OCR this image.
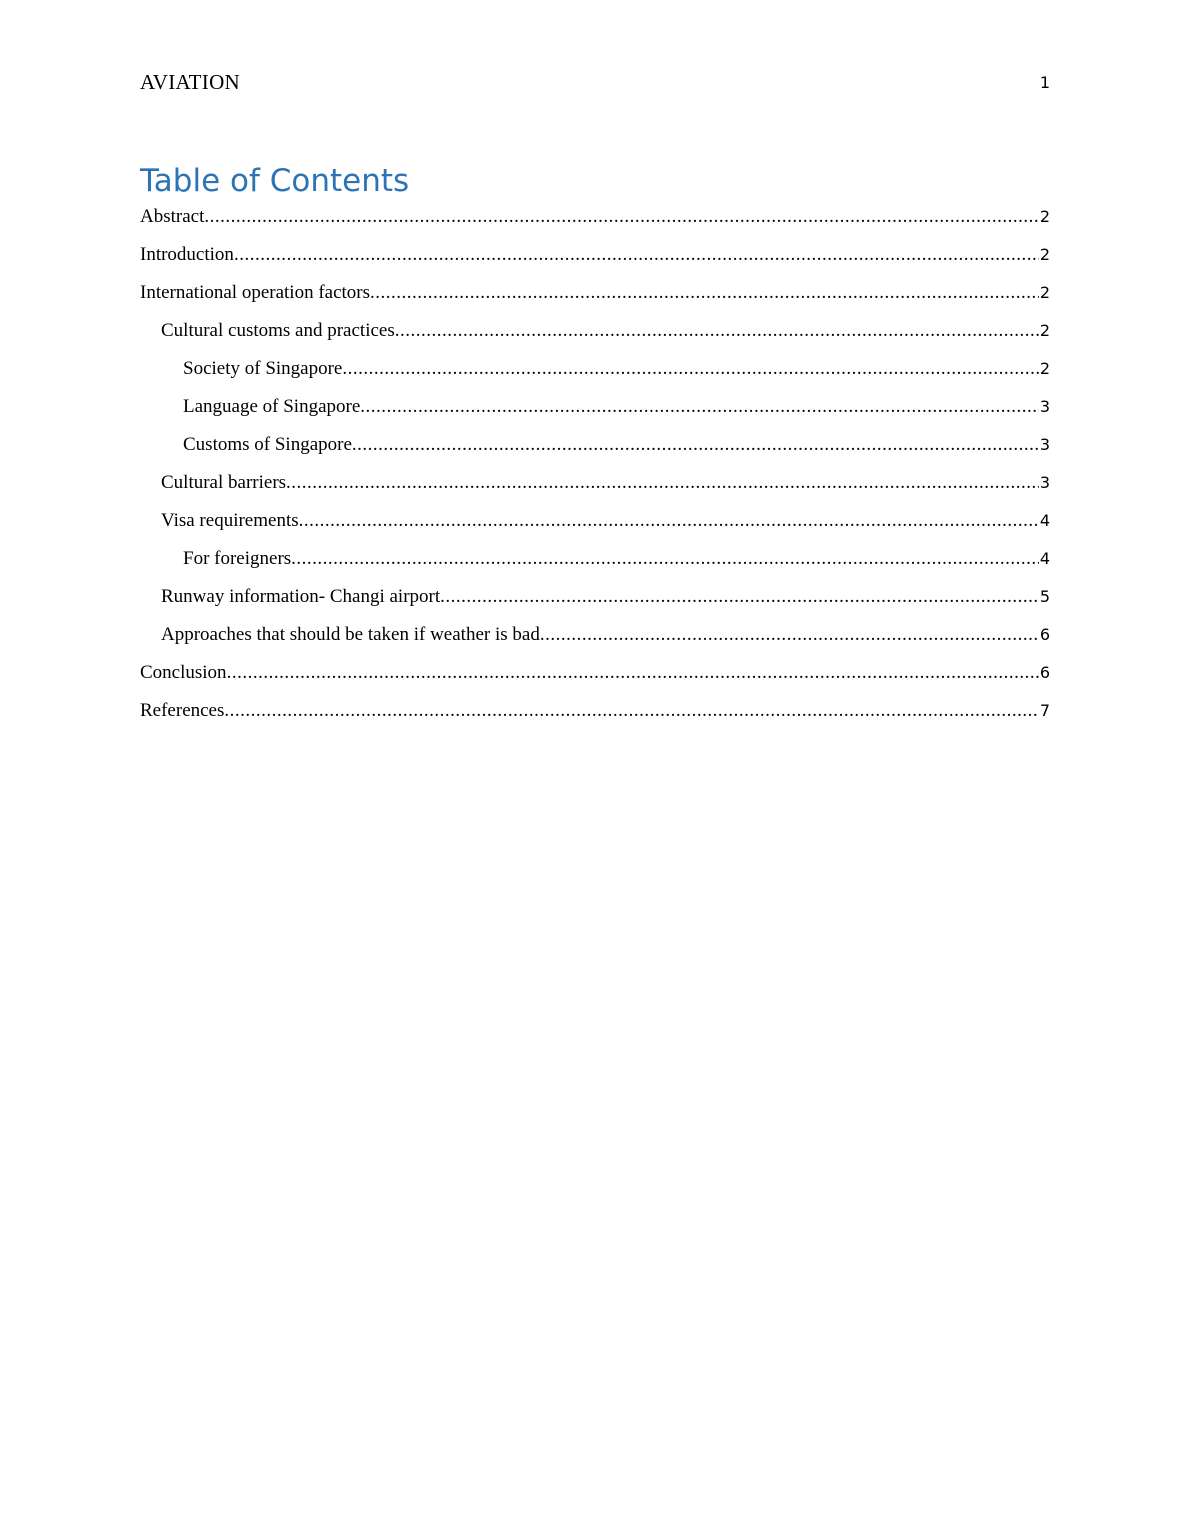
AVIATION	1
Table of Contents
Abstract .....	2
Introduction .....	2
International operation factors .....	2
Cultural customs and practices .....	2
Society of Singapore .....	2
Language of Singapore .....	3
Customs of Singapore .....	3
Cultural barriers .....	3
Visa requirements .....	4
For foreigners .....	4
Runway information- Changi airport .....	5
Approaches that should be taken if weather is bad .....	6
Conclusion .....	6
References .....	7
